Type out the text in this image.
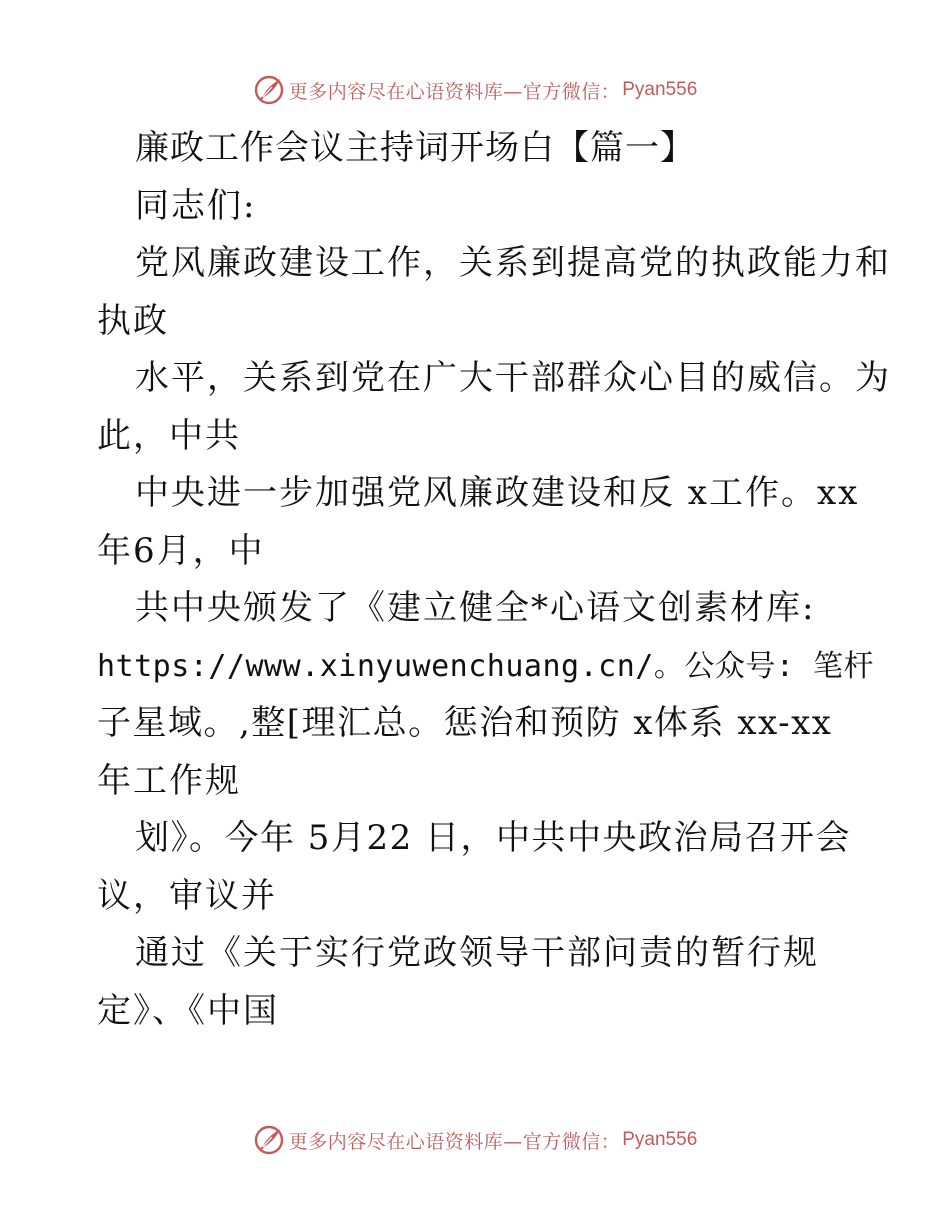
更多内容尽在心语资料库—官方微信： Pyan556
廉政工作会议主持词开场白【篇一】
同志们:
党风廉政建设工作，关系到提高党的执政能力和
执政
水平，关系到党在广大干部群众心目的威信。为
此，中共
中央进一步加强党风廉政建设和反 x工作。xx
年6月，中
共中央颁发了《建立健全*心语文创素材库:
https://www.xinyuwenchuang.cn/。公众号: 笔杆
子星域。,整[理汇总。惩治和预防 x体系 xx-xx
年工作规
划》。今年 5月22 日，中共中央政治局召开会
议，审议并
通过《关于实行党政领导干部问责的暂行规
定》、《中国
更多内容尽在心语资料库—官方微信： Pyan556
